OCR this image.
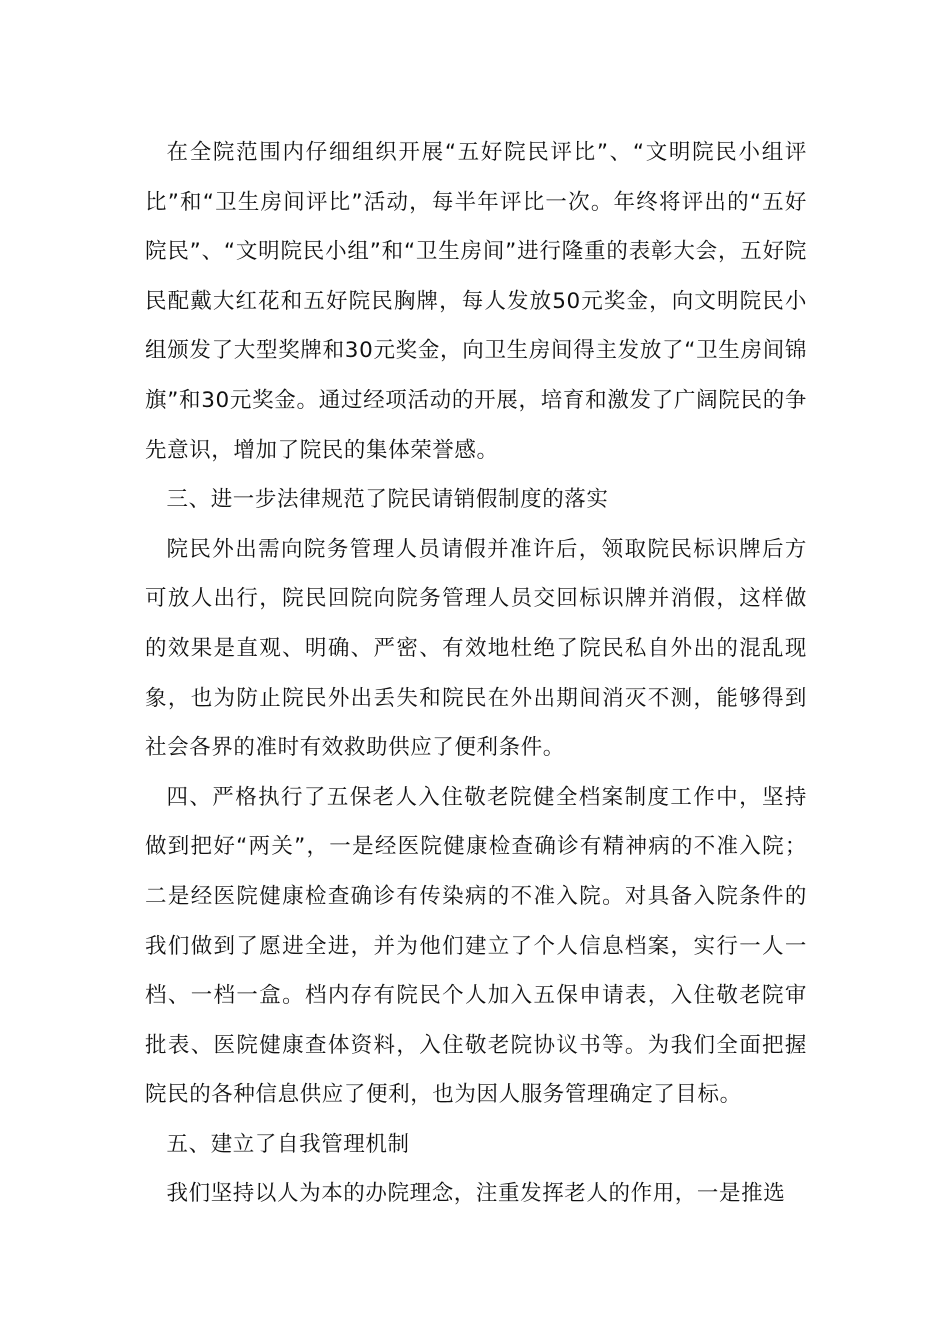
在全院范围内仔细组织开展“五好院民评比”、“文明院民小组评比”和“卫生房间评比”活动，每半年评比一次。年终将评出的“五好院民”、“文明院民小组”和“卫生房间”进行隆重的表彰大会，五好院民配戴大红花和五好院民胸牌，每人发放50元奖金，向文明院民小组颁发了大型奖牌和30元奖金，向卫生房间得主发放了“卫生房间锦旗”和30元奖金。通过经项活动的开展，培育和激发了广阔院民的争先意识，增加了院民的集体荣誉感。

三、进一步法律规范了院民请销假制度的落实

院民外出需向院务管理人员请假并准许后，领取院民标识牌后方可放人出行，院民回院向院务管理人员交回标识牌并消假，这样做的效果是直观、明确、严密、有效地杜绝了院民私自外出的混乱现象，也为防止院民外出丢失和院民在外出期间消灭不测，能够得到社会各界的准时有效救助供应了便利条件。

四、严格执行了五保老人入住敬老院健全档案制度工作中，坚持做到把好“两关”，一是经医院健康检查确诊有精神病的不准入院；二是经医院健康检查确诊有传染病的不准入院。对具备入院条件的我们做到了愿进全进，并为他们建立了个人信息档案，实行一人一档、一档一盒。档内存有院民个人加入五保申请表，入住敬老院审批表、医院健康查体资料，入住敬老院协议书等。为我们全面把握院民的各种信息供应了便利，也为因人服务管理确定了目标。

五、建立了自我管理机制

我们坚持以人为本的办院理念，注重发挥老人的作用，一是推选
